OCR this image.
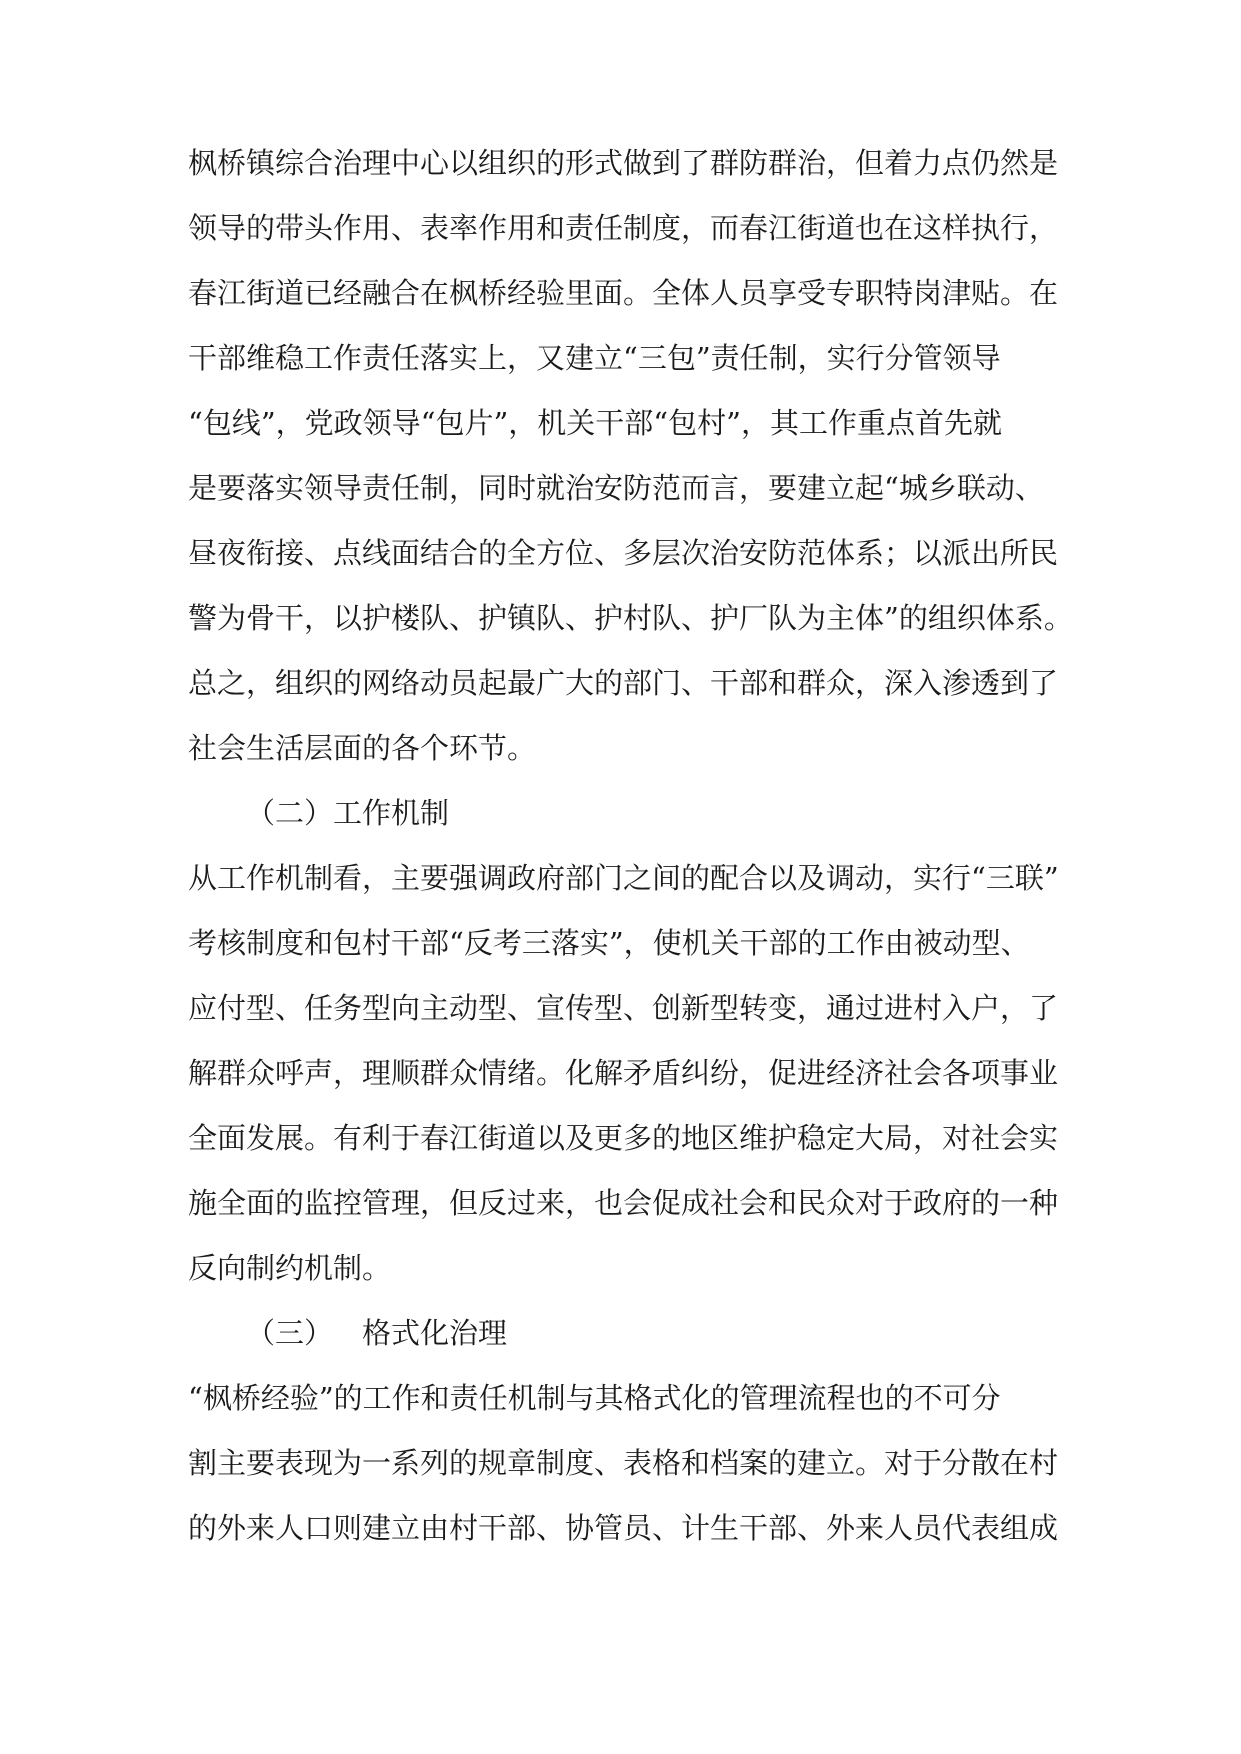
枫桥镇综合治理中心以组织的形式做到了群防群治，但着力点仍然是
领导的带头作用、表率作用和责任制度，而春江街道也在这样执行，
春江街道已经融合在枫桥经验里面。全体人员享受专职特岗津贴。在
干部维稳工作责任落实上，又建立“三包”责任制，实行分管领导
“包线”，党政领导“包片”，机关干部“包村”，其工作重点首先就
是要落实领导责任制，同时就治安防范而言，要建立起“城乡联动、
昼夜衔接、点线面结合的全方位、多层次治安防范体系；以派出所民
警为骨干，以护楼队、护镇队、护村队、护厂队为主体”的组织体系。
总之，组织的网络动员起最广大的部门、干部和群众，深入渗透到了
社会生活层面的各个环节。
（二）工作机制
从工作机制看，主要强调政府部门之间的配合以及调动，实行“三联”
考核制度和包村干部“反考三落实”，使机关干部的工作由被动型、
应付型、任务型向主动型、宣传型、创新型转变，通过进村入户，了
解群众呼声，理顺群众情绪。化解矛盾纠纷，促进经济社会各项事业
全面发展。有利于春江街道以及更多的地区维护稳定大局，对社会实
施全面的监控管理，但反过来，也会促成社会和民众对于政府的一种
反向制约机制。
（三） 格式化治理
“枫桥经验”的工作和责任机制与其格式化的管理流程也的不可分
割主要表现为一系列的规章制度、表格和档案的建立。对于分散在村
的外来人口则建立由村干部、协管员、计生干部、外来人员代表组成
